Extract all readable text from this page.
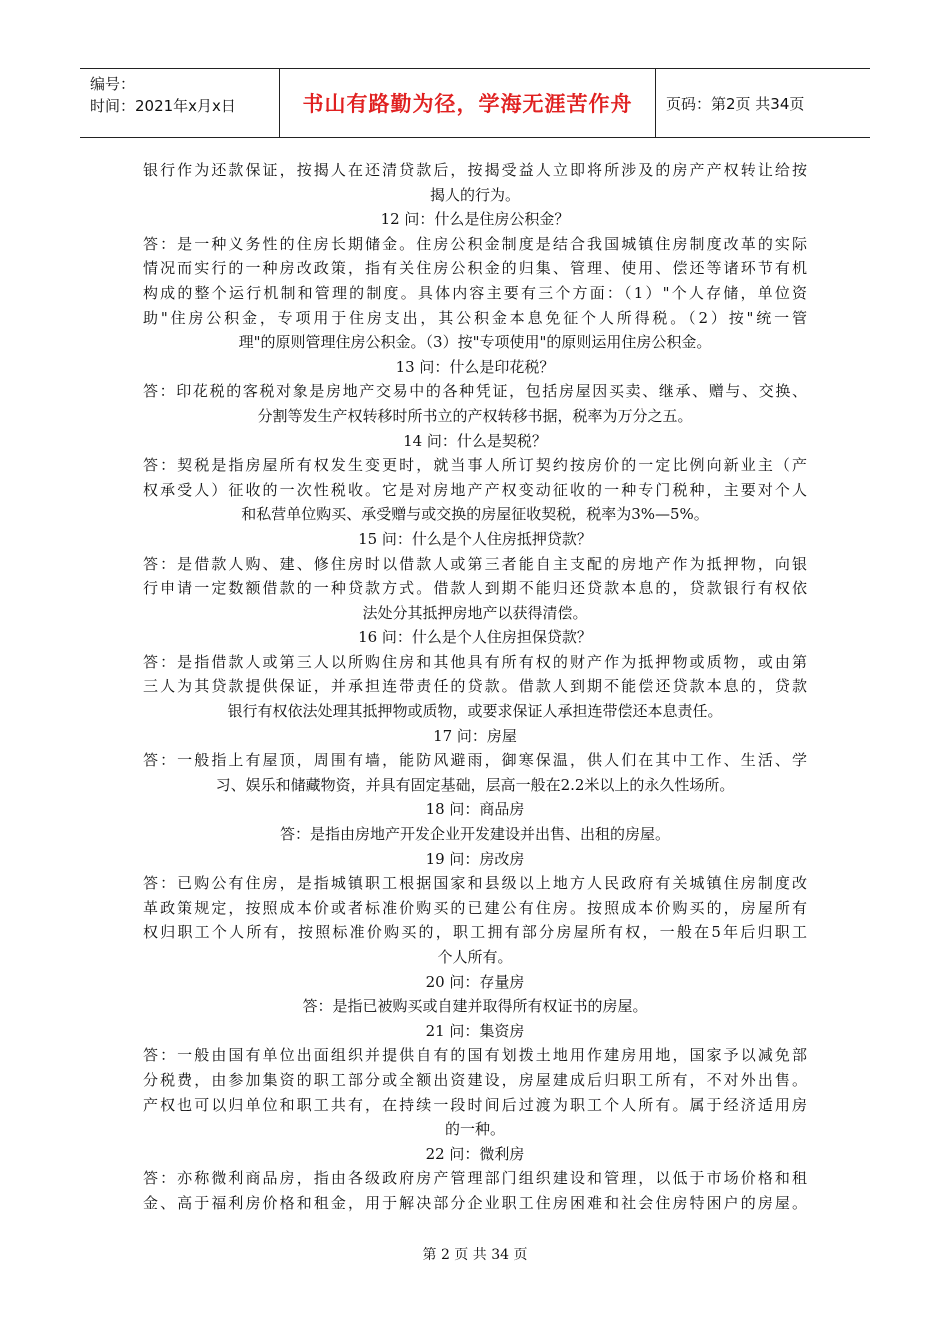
编号：
时间：2021年x月x日	书山有路勤为径，学海无涯苦作舟	页码：第2页 共34页
银行作为还款保证，按揭人在还清贷款后，按揭受益人立即将所涉及的房产产权转让给按
揭人的行为。
12 问：什么是住房公积金？
答：是一种义务性的住房长期储金。住房公积金制度是结合我国城镇住房制度改革的实际
情况而实行的一种房改政策，指有关住房公积金的归集、管理、使用、偿还等诸环节有机
构成的整个运行机制和管理的制度。具体内容主要有三个方面：（1）"个人存储，单位资
助"住房公积金，专项用于住房支出，其公积金本息免征个人所得税。（2）按"统一管
理"的原则管理住房公积金。（3）按"专项使用"的原则运用住房公积金。
13 问：什么是印花税？
答：印花税的客税对象是房地产交易中的各种凭证，包括房屋因买卖、继承、赠与、交换、
分割等发生产权转移时所书立的产权转移书据，税率为万分之五。
14 问：什么是契税？
答：契税是指房屋所有权发生变更时，就当事人所订契约按房价的一定比例向新业主（产
权承受人）征收的一次性税收。它是对房地产产权变动征收的一种专门税种，主要对个人
和私营单位购买、承受赠与或交换的房屋征收契税，税率为3%—5%。
15 问：什么是个人住房抵押贷款？
答：是借款人购、建、修住房时以借款人或第三者能自主支配的房地产作为抵押物，向银
行申请一定数额借款的一种贷款方式。借款人到期不能归还贷款本息的，贷款银行有权依
法处分其抵押房地产以获得清偿。
16 问：什么是个人住房担保贷款？
答：是指借款人或第三人以所购住房和其他具有所有权的财产作为抵押物或质物，或由第
三人为其贷款提供保证，并承担连带责任的贷款。借款人到期不能偿还贷款本息的，贷款
银行有权依法处理其抵押物或质物，或要求保证人承担连带偿还本息责任。
17 问：房屋
答：一般指上有屋顶，周围有墙，能防风避雨，御寒保温，供人们在其中工作、生活、学
习、娱乐和储藏物资，并具有固定基础，层高一般在2.2米以上的永久性场所。
18 问：商品房
答：是指由房地产开发企业开发建设并出售、出租的房屋。
19 问：房改房
答：已购公有住房，是指城镇职工根据国家和县级以上地方人民政府有关城镇住房制度改
革政策规定，按照成本价或者标准价购买的已建公有住房。按照成本价购买的，房屋所有
权归职工个人所有，按照标准价购买的，职工拥有部分房屋所有权，一般在5年后归职工
个人所有。
20 问：存量房
答：是指已被购买或自建并取得所有权证书的房屋。
21 问：集资房
答：一般由国有单位出面组织并提供自有的国有划拨土地用作建房用地，国家予以减免部
分税费，由参加集资的职工部分或全额出资建设，房屋建成后归职工所有，不对外出售。
产权也可以归单位和职工共有，在持续一段时间后过渡为职工个人所有。属于经济适用房
的一种。
22 问：微利房
答：亦称微利商品房，指由各级政府房产管理部门组织建设和管理，以低于市场价格和租
金、高于福利房价格和租金，用于解决部分企业职工住房困难和社会住房特困户的房屋。
第 2 页 共 34 页
